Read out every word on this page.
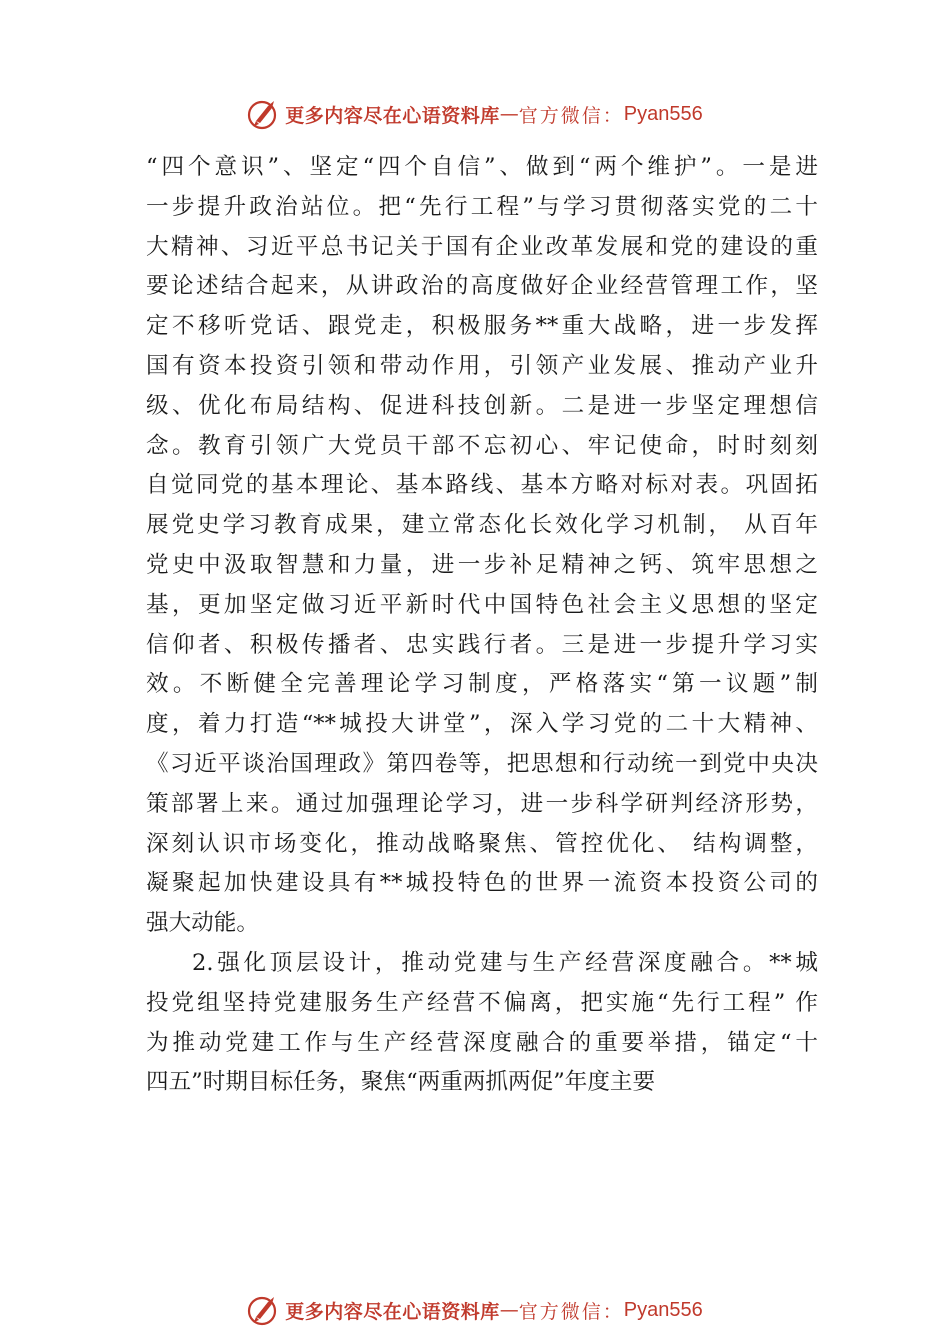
更多内容尽在心语资料库 — 官方微信： Pyan556
“四个意识”、坚定“四个自信”、做到“两个维护”。一是进
一步提升政治站位。把“先行工程”与学习贯彻落实党的二十
大精神、习近平总书记关于国有企业改革发展和党的建设的重
要论述结合起来，从讲政治的高度做好企业经营管理工作，坚
定不移听党话、跟党走，积极服务**重大战略，进一步发挥
国有资本投资引领和带动作用，引领产业发展、推动产业升
级、优化布局结构、促进科技创新。二是进一步坚定理想信
念。教育引领广大党员干部不忘初心、牢记使命，时时刻刻
自觉同党的基本理论、基本路线、基本方略对标对表。巩固拓
展党史学习教育成果，建立常态化长效化学习机制， 从百年
党史中汲取智慧和力量，进一步补足精神之钙、筑牢思想之
基，更加坚定做习近平新时代中国特色社会主义思想的坚定
信仰者、积极传播者、忠实践行者。三是进一步提升学习实
效。不断健全完善理论学习制度，严格落实“第一议题”制
度，着力打造“**城投大讲堂”，深入学习党的二十大精神、
《习近平谈治国理政》第四卷等，把思想和行动统一到党中央决
策部署上来。通过加强理论学习，进一步科学研判经济形势，
深刻认识市场变化，推动战略聚焦、管控优化、 结构调整，
凝聚起加快建设具有**城投特色的世界一流资本投资公司的
强大动能。
2.强化顶层设计，推动党建与生产经营深度融合。**城
投党组坚持党建服务生产经营不偏离，把实施“先行工程” 作
为推动党建工作与生产经营深度融合的重要举措，锚定“十
四五”时期目标任务，聚焦“两重两抓两促”年度主要
更多内容尽在心语资料库 — 官方微信： Pyan556
